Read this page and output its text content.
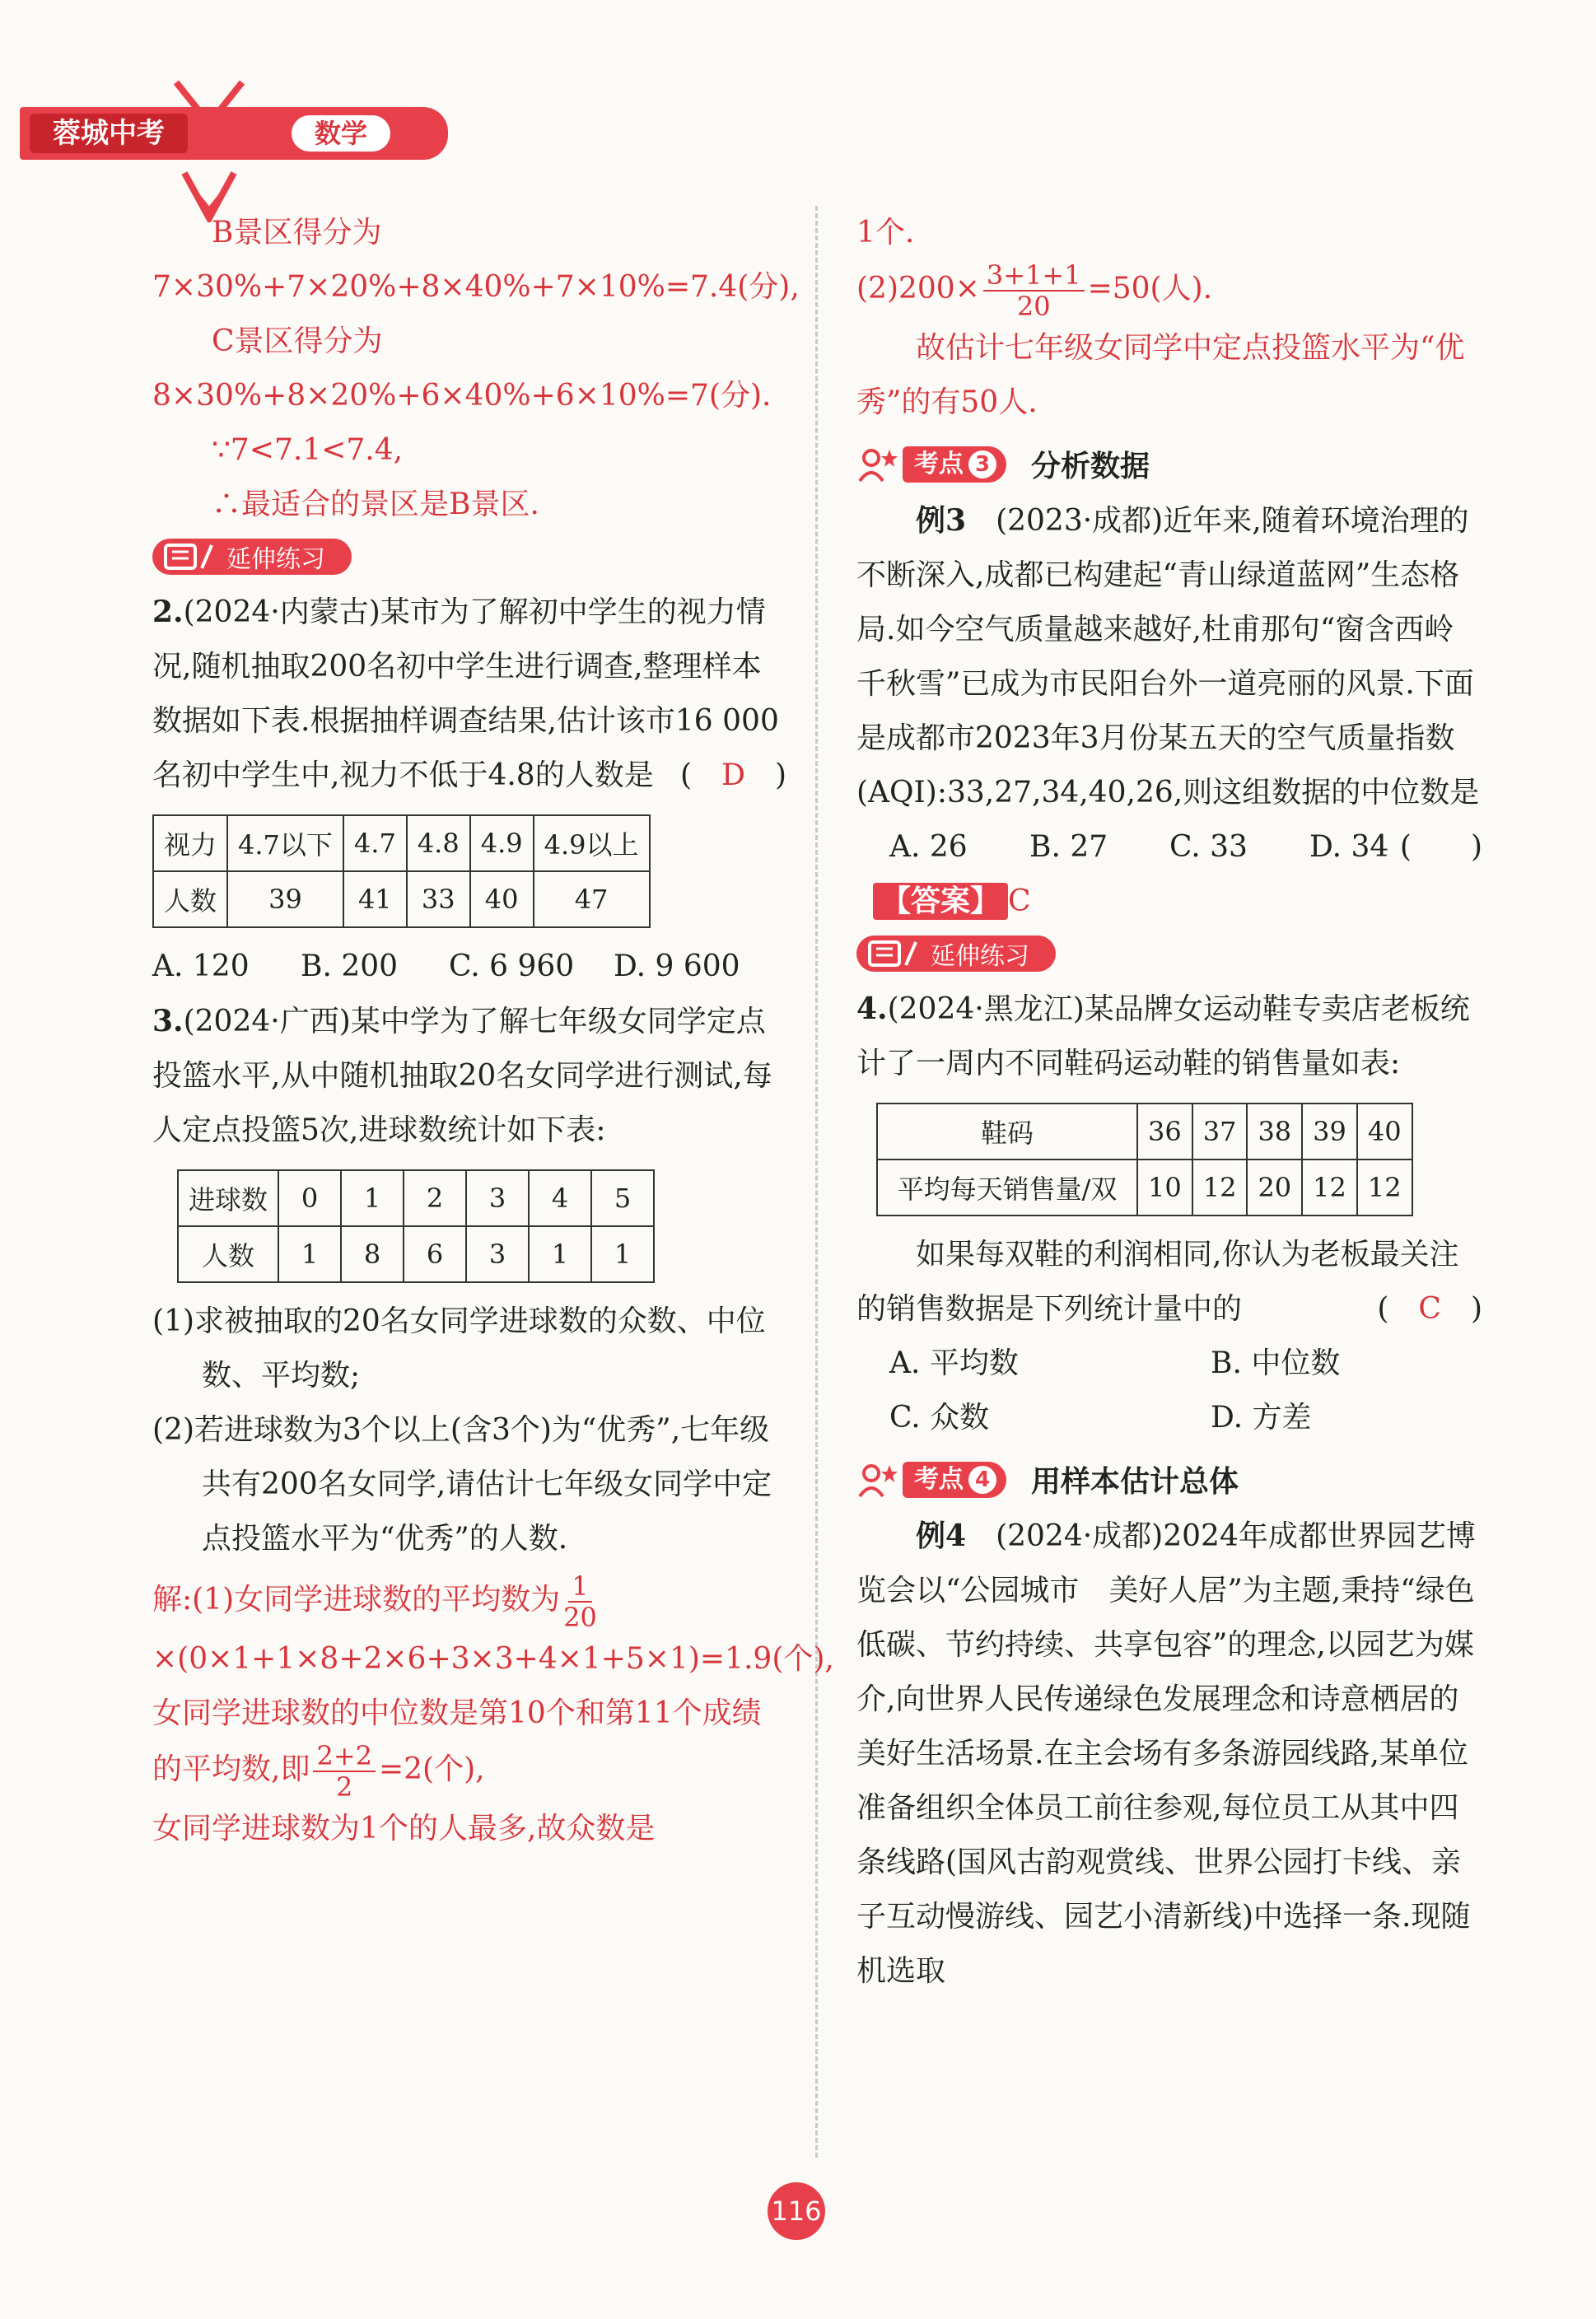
蓉城中考	数学

B景区得分为7×30%+7×20%+8×40%+7×10%=7.4(分),

C景区得分为8×30%+8×20%+6×40%+6×10%=7(分).

∵7<7.1<7.4,

∴最适合的景区是B景区.

延伸练习

2.(2024·内蒙古)某市为了解初中学生的视力情况,随机抽取200名初中学生进行调查,整理样本数据如下表.根据抽样调查结果,估计该市16 000名初中学生中,视力不低于4.8的人数是 (　D　)

视力	4.7以下	4.7	4.8	4.9	4.9以上
人数	39	41	33	40	47
A. 120	B. 200	C. 6 960	D. 9 600

3.(2024·广西)某中学为了解七年级女同学定点投篮水平,从中随机抽取20名女同学进行测试,每人定点投篮5次,进球数统计如下表:

进球数	0	1	2	3	4	5
人数	1	8	6	3	1	1

(1)求被抽取的20名女同学进球数的众数、中位数、平均数;

(2)若进球数为3个以上(含3个)为“优秀”,七年级共有200名女同学,请估计七年级女同学中定点投篮水平为“优秀”的人数.

解:(1)女同学进球数的平均数为 $\frac{1}{20}$
×(0×1+1×8+2×6+3×3+4×1+5×1)=1.9(个),

女同学进球数的中位数是第10个和第11个成绩的平均数,即 $\frac{2+2}{2} =2$(个),

女同学进球数为1个的人最多,故众数是

1个.

$(2)200\times \frac{3+1+1}{20} =50$(人).

故估计七年级女同学中定点投篮水平为“优秀”的有50人.

考点 3 分析数据

例3　 (2023·成都)近年来,随着环境治理的不断深入,成都已构建起“青山绿道蓝网”生态格局.如今空气质量越来越好,杜甫那句“窗含西岭千秋雪”已成为市民阳台外一道亮丽的风景.下面是成都市2023年3月份某五天的空气质量指数(AQI):33,27,34,40,26,则这组数据的中位数是
(　　)

A. 26	B. 27	C. 33	D. 34

【答案】 C

延伸练习

4.(2024·黑龙江)某品牌女运动鞋专卖店老板统计了一周内不同鞋码运动鞋的销售量如表:

鞋码	36	37	38	39	40
平均每天销售量/双	10	12	20	12	12

如果每双鞋的利润相同,你认为老板最关注的销售数据是下列统计量中的	(　C　)

A. 平均数	B. 中位数
C. 众数	D. 方差
考点 4 用样本估计总体

例4　 (2024·成都)2024年成都世界园艺博览会以“公园城市　美好人居”为主题,秉持“绿色低碳、节约持续、共享包容”的理念,以园艺为媒介,向世界人民传递绿色发展理念和诗意栖居的美好生活场景.在主会场有多条游园线路,某单位准备组织全体员工前往参观,每位员工从其中四条线路(国风古韵观赏线、世界公园打卡线、亲子互动慢游线、园艺小清新线)中选择一条.现随机选取

116
